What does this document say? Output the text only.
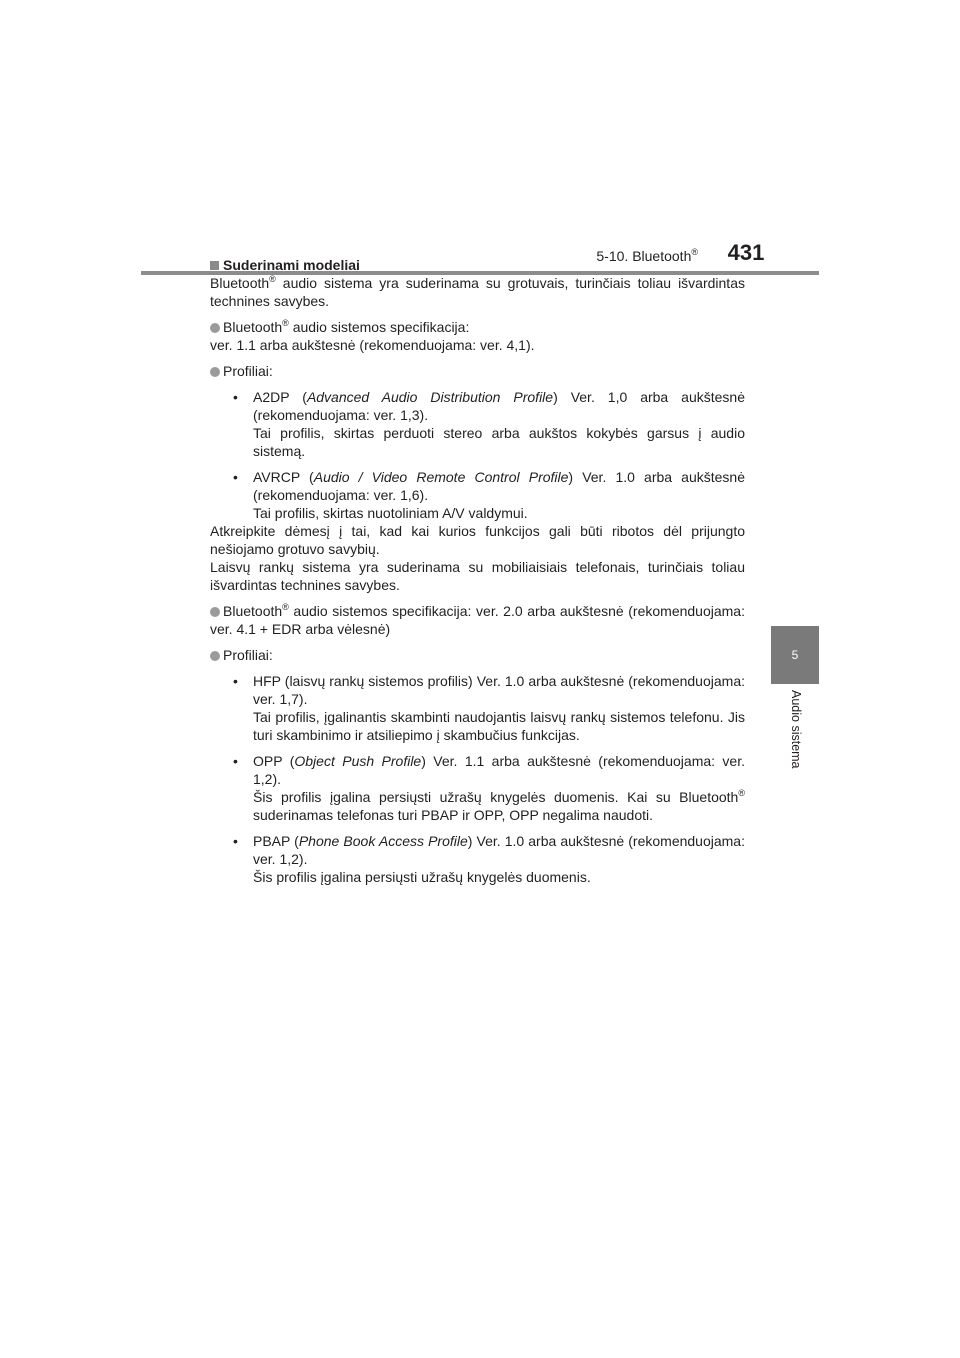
5-10. Bluetooth®	431
5
Audio sistema

Suderinami modeliai

Bluetooth® audio sistema yra suderinama su grotuvais, turinčiais toliau išvardintas technines savybes.

Bluetooth® audio sistemos specifikacija:

ver. 1.1 arba aukštesnė (rekomenduojama: ver. 4,1).

Profiliai:

• A2DP (Advanced Audio Distribution Profile) Ver. 1,0 arba aukštesnė (rekomenduojama: ver. 1,3).
Tai profilis, skirtas perduoti stereo arba aukštos kokybės garsus į audio sistemą.
• AVRCP (Audio / Video Remote Control Profile) Ver. 1.0 arba aukštesnė (rekomenduojama: ver. 1,6).
Tai profilis, skirtas nuotoliniam A/V valdymui.

Atkreipkite dėmesį į tai, kad kai kurios funkcijos gali būti ribotos dėl prijungto nešiojamo grotuvo savybių.

Laisvų rankų sistema yra suderinama su mobiliaisiais telefonais, turinčiais toliau išvardintas technines savybes.

Bluetooth® audio sistemos specifikacija: ver. 2.0 arba aukštesnė (rekomenduojama: ver. 4.1 + EDR arba vėlesnė)

Profiliai:

• HFP (laisvų rankų sistemos profilis) Ver. 1.0 arba aukštesnė (rekomenduojama: ver. 1,7).
Tai profilis, įgalinantis skambinti naudojantis laisvų rankų sistemos telefonu. Jis turi skambinimo ir atsiliepimo į skambučius funkcijas.
• OPP (Object Push Profile) Ver. 1.1 arba aukštesnė (rekomenduojama: ver. 1,2).
Šis profilis įgalina persiųsti užrašų knygelės duomenis. Kai su Bluetooth® suderinamas telefonas turi PBAP ir OPP, OPP negalima naudoti.
• PBAP (Phone Book Access Profile) Ver. 1.0 arba aukštesnė (rekomenduojama: ver. 1,2).
Šis profilis įgalina persiųsti užrašų knygelės duomenis.
